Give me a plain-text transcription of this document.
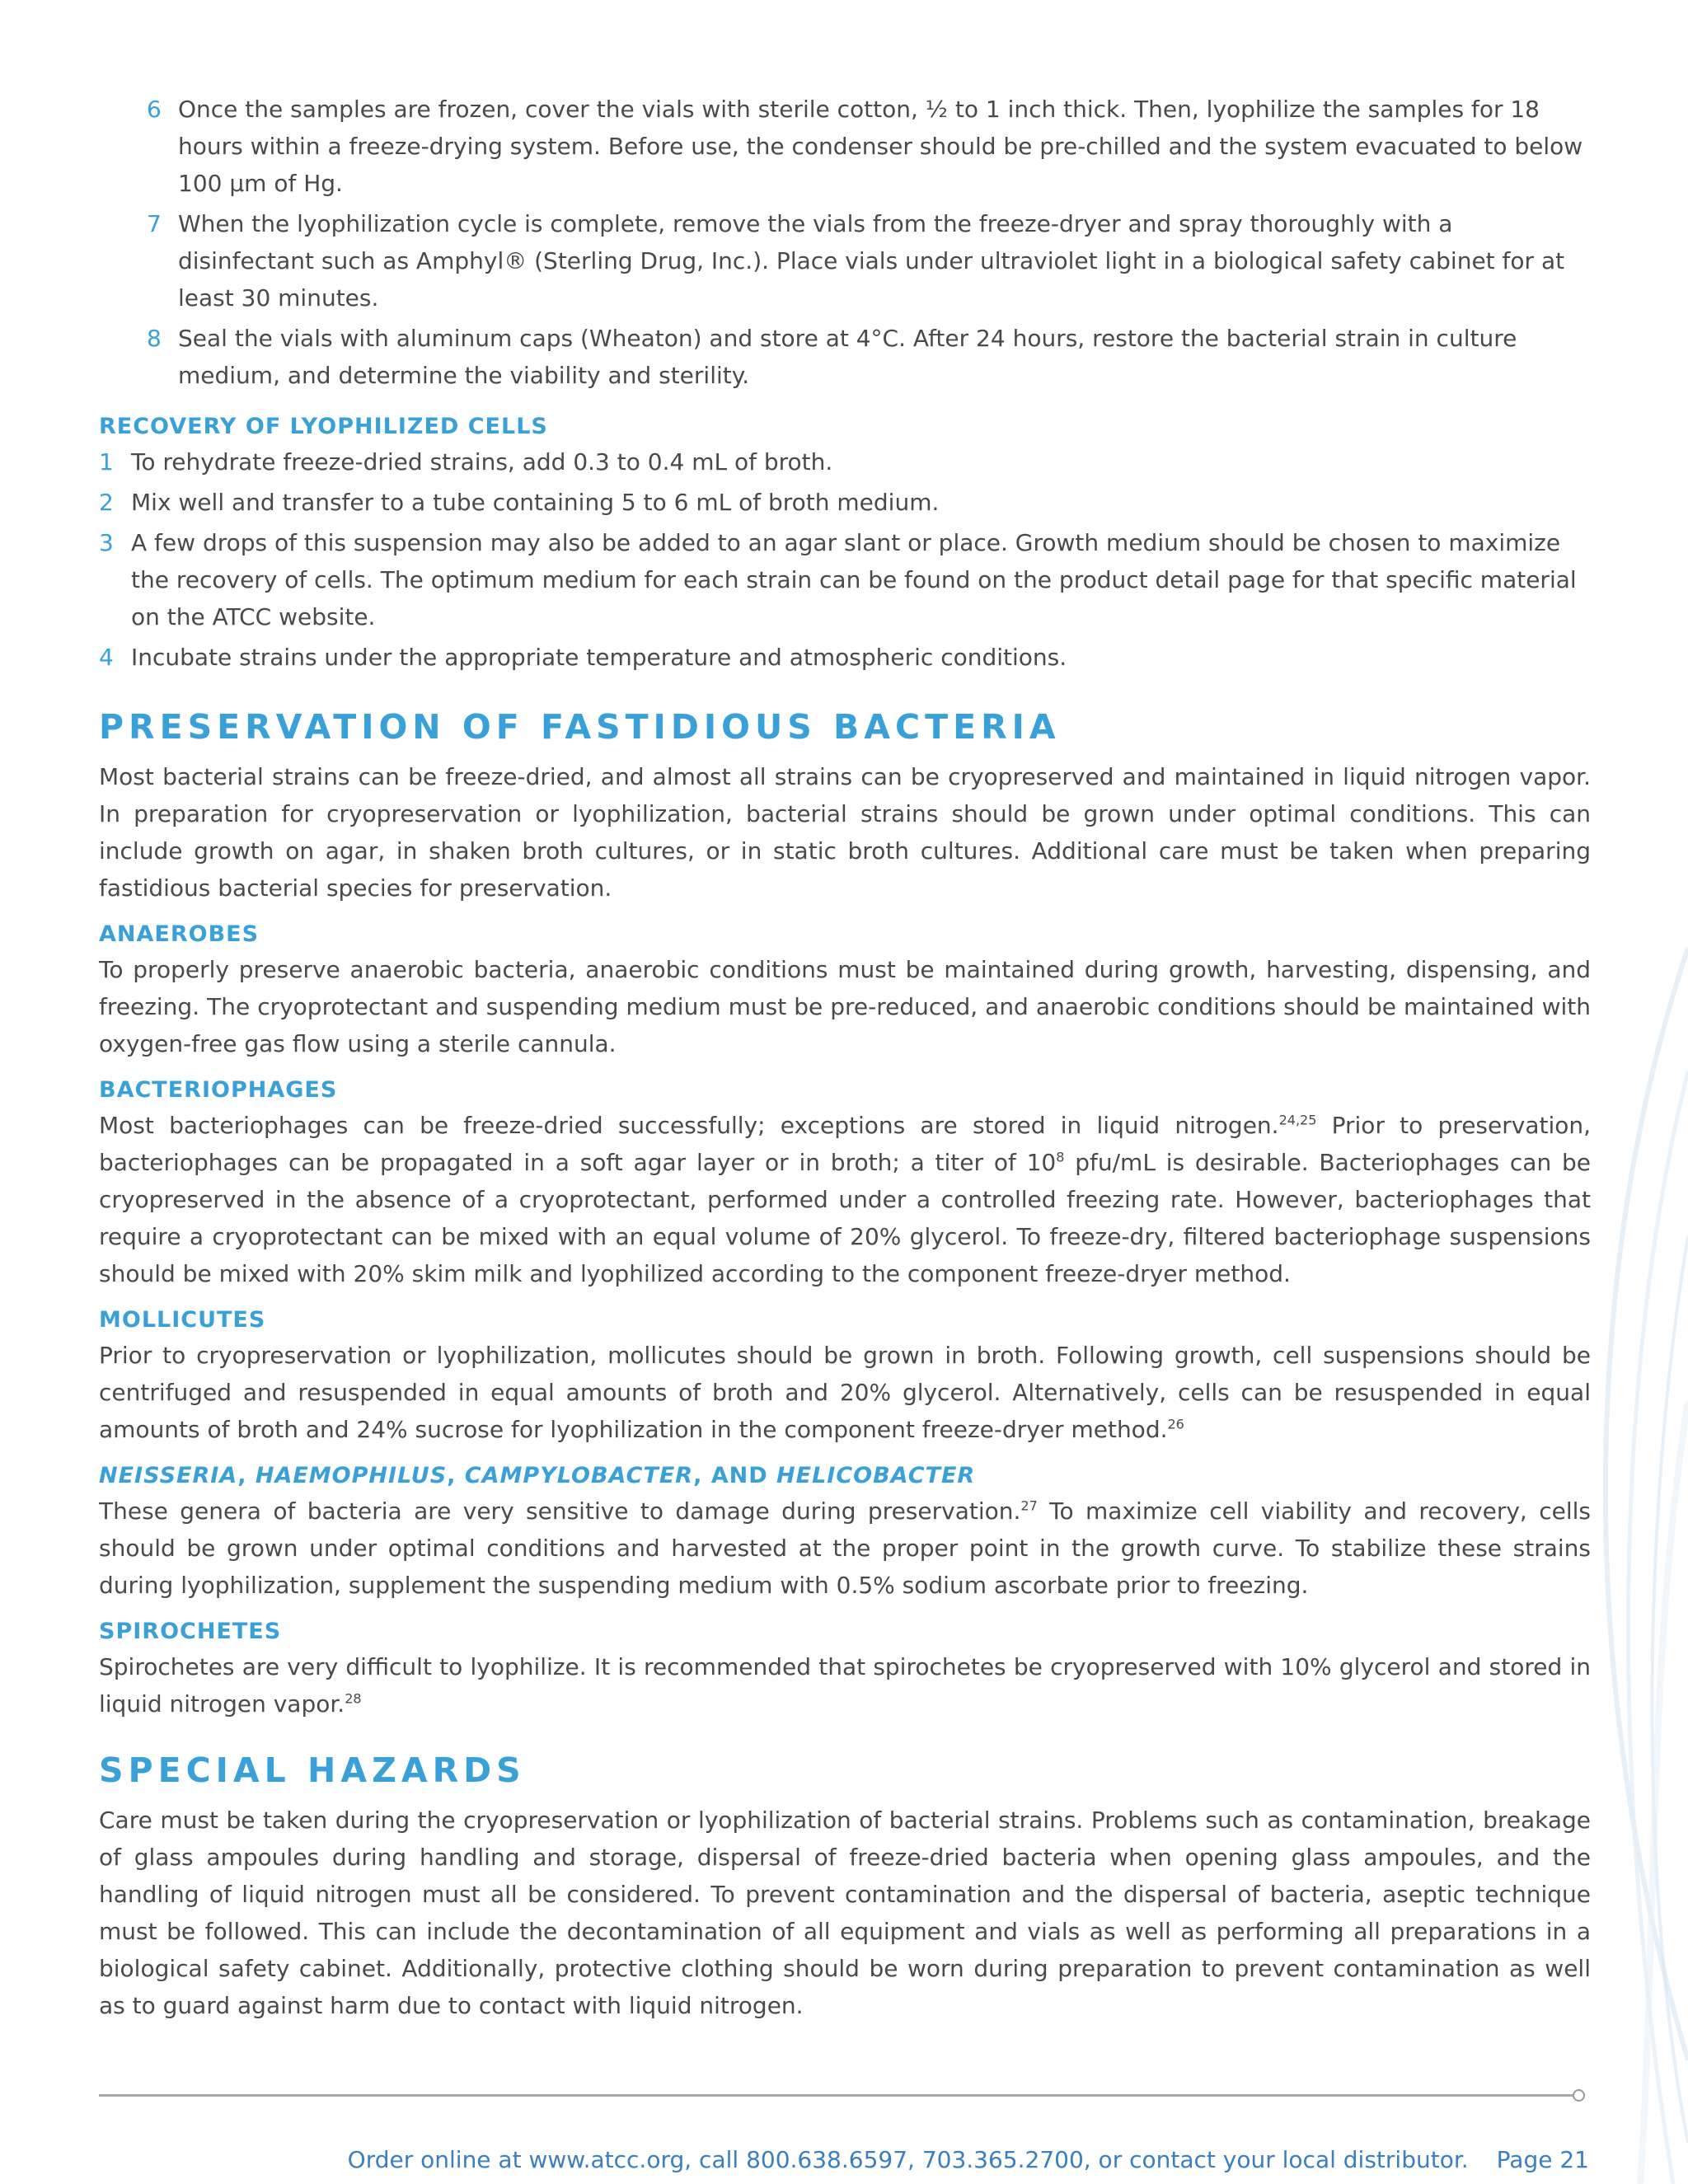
6 Once the samples are frozen, cover the vials with sterile cotton, ½ to 1 inch thick. Then, lyophilize the samples for 18 hours within a freeze-drying system. Before use, the condenser should be pre-chilled and the system evacuated to below 100 µm of Hg.
7 When the lyophilization cycle is complete, remove the vials from the freeze-dryer and spray thoroughly with a disinfectant such as Amphyl® (Sterling Drug, Inc.). Place vials under ultraviolet light in a biological safety cabinet for at least 30 minutes.
8 Seal the vials with aluminum caps (Wheaton) and store at 4°C. After 24 hours, restore the bacterial strain in culture medium, and determine the viability and sterility.
RECOVERY OF LYOPHILIZED CELLS
1 To rehydrate freeze-dried strains, add 0.3 to 0.4 mL of broth.
2 Mix well and transfer to a tube containing 5 to 6 mL of broth medium.
3 A few drops of this suspension may also be added to an agar slant or place. Growth medium should be chosen to maximize the recovery of cells. The optimum medium for each strain can be found on the product detail page for that specific material on the ATCC website.
4 Incubate strains under the appropriate temperature and atmospheric conditions.
PRESERVATION OF FASTIDIOUS BACTERIA

Most bacterial strains can be freeze-dried, and almost all strains can be cryopreserved and maintained in liquid nitrogen vapor. In preparation for cryopreservation or lyophilization, bacterial strains should be grown under optimal conditions. This can include growth on agar, in shaken broth cultures, or in static broth cultures. Additional care must be taken when preparing fastidious bacterial species for preservation.

ANAEROBES

To properly preserve anaerobic bacteria, anaerobic conditions must be maintained during growth, harvesting, dispensing, and freezing. The cryoprotectant and suspending medium must be pre-reduced, and anaerobic conditions should be maintained with oxygen-free gas flow using a sterile cannula.

BACTERIOPHAGES

Most bacteriophages can be freeze-dried successfully; exceptions are stored in liquid nitrogen.$^{24,25}$ Prior to preservation, bacteriophages can be propagated in a soft agar layer or in broth; a titer of $10^8$ pfu/mL is desirable. Bacteriophages can be cryopreserved in the absence of a cryoprotectant, performed under a controlled freezing rate. However, bacteriophages that require a cryoprotectant can be mixed with an equal volume of 20% glycerol. To freeze-dry, filtered bacteriophage suspensions should be mixed with 20% skim milk and lyophilized according to the component freeze-dryer method.

MOLLICUTES

Prior to cryopreservation or lyophilization, mollicutes should be grown in broth. Following growth, cell suspensions should be centrifuged and resuspended in equal amounts of broth and 20% glycerol. Alternatively, cells can be resuspended in equal amounts of broth and 24% sucrose for lyophilization in the component freeze-dryer method.$^{26}$

NEISSERIA, HAEMOPHILUS, CAMPYLOBACTER, AND HELICOBACTER

These genera of bacteria are very sensitive to damage during preservation.$^{27}$ To maximize cell viability and recovery, cells should be grown under optimal conditions and harvested at the proper point in the growth curve. To stabilize these strains during lyophilization, supplement the suspending medium with 0.5% sodium ascorbate prior to freezing.

SPIROCHETES

Spirochetes are very difficult to lyophilize. It is recommended that spirochetes be cryopreserved with 10% glycerol and stored in liquid nitrogen vapor.$^{28}$

SPECIAL HAZARDS

Care must be taken during the cryopreservation or lyophilization of bacterial strains. Problems such as contamination, breakage of glass ampoules during handling and storage, dispersal of freeze-dried bacteria when opening glass ampoules, and the handling of liquid nitrogen must all be considered. To prevent contamination and the dispersal of bacteria, aseptic technique must be followed. This can include the decontamination of all equipment and vials as well as performing all preparations in a biological safety cabinet. Additionally, protective clothing should be worn during preparation to prevent contamination as well as to guard against harm due to contact with liquid nitrogen.

Order online at www.atcc.org, call 800.638.6597, 703.365.2700, or contact your local distributor. Page 21
